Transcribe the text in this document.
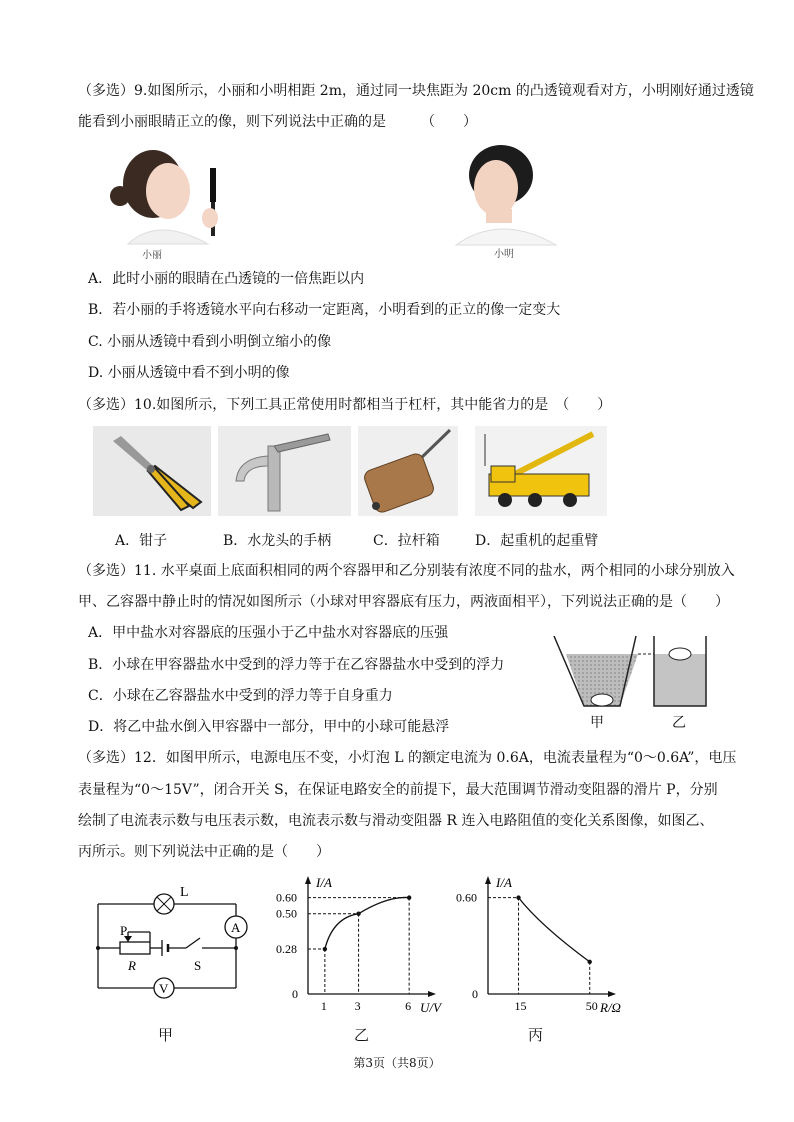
（多选）9.如图所示，小丽和小明相距 2m，通过同一块焦距为 20cm 的凸透镜观看对方，小明刚好通过透镜
能看到小丽眼睛正立的像，则下列说法中正确的是　　　（　　）
小丽	小明
A．此时小丽的眼睛在凸透镜的一倍焦距以内
B．若小丽的手将透镜水平向右移动一定距离，小明看到的正立的像一定变大
C. 小丽从透镜中看到小明倒立缩小的像
D. 小丽从透镜中看不到小明的像
（多选）10.如图所示，下列工具正常使用时都相当于杠杆，其中能省力的是　（　　）
A．钳子	B．水龙头的手柄	C．拉杆箱	D．起重机的起重臂
（多选）11. 水平桌面上底面积相同的两个容器甲和乙分别装有浓度不同的盐水，两个相同的小球分别放入
甲、乙容器中静止时的情况如图所示（小球对甲容器底有压力，两液面相平），下列说法正确的是（　　）
A．甲中盐水对容器底的压强小于乙中盐水对容器底的压强
B．小球在甲容器盐水中受到的浮力等于在乙容器盐水中受到的浮力
C．小球在乙容器盐水中受到的浮力等于自身重力
D．将乙中盐水倒入甲容器中一部分，甲中的小球可能悬浮	甲	乙
（多选）12．如图甲所示，电源电压不变，小灯泡 L 的额定电流为 0.6A，电流表量程为“0～0.6A”，电压
表量程为“0～15V”，闭合开关 S，在保证电路安全的前提下，最大范围调节滑动变阻器的滑片 P，分别
绘制了电流表示数与电压表示数，电流表示数与滑动变阻器 R 连入电路阻值的变化关系图像，如图乙、
丙所示。则下列说法中正确的是（　　）
L
A
V
P
R	S
I/A
U/V
0
0.28
0.50
0.60
1 3	6
I/A
R/Ω
0
0.60
15	50
甲	乙	丙
第3页（共8页）
